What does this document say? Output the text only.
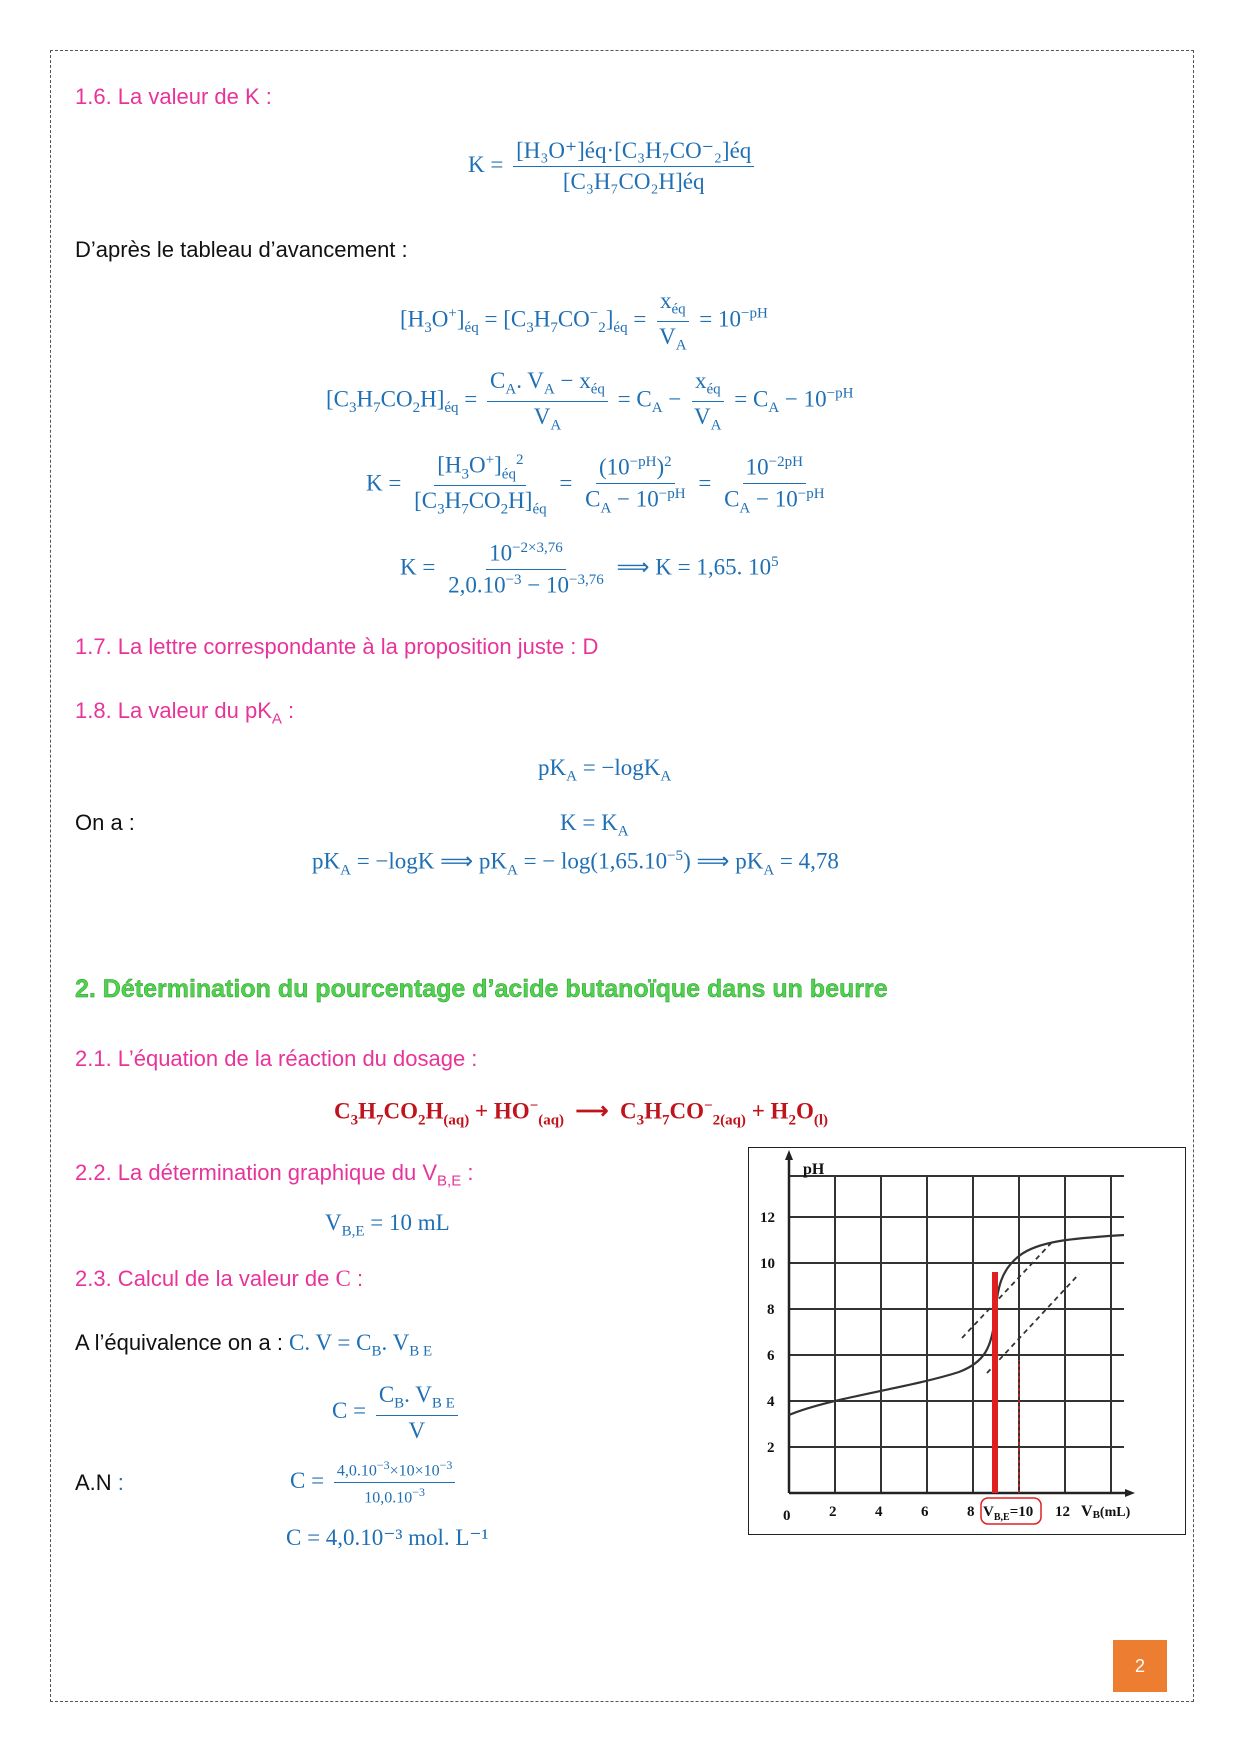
1.6. La valeur de K :
$K = \frac{\text{[H₃O⁺]éq·[C₃H₇CO⁻₂]éq}}{\text{[C₃H₇CO₂H]éq}}$
D’après le tableau d’avancement :
$[H_3O^+]_{éq} = [C_3H_7CO^-_2]_{éq} = \frac{x_{éq}}{V_A} = 10^{-pH}$
$[C_3H_7CO_2H]_{éq} = \frac{C_A. V_A - x_{éq}}{V_A} = C_A - \frac{x_{éq}}{V_A} = C_A - 10^{-pH}$
$K = \frac{[H_3O^+]_{éq}^2}{[C_3H_7CO_2H]_{éq}} = \frac{(10^{-pH})^2}{C_A - 10^{-pH}} = \frac{10^{-2pH}}{C_A - 10^{-pH}}$
$K = \frac{10^{-2\times 3,76}}{2,0.10^{-3} - 10^{-3,76}}$ ⟹ K = 1,65. $10^5$
1.7. La lettre correspondante à la proposition juste : D
1.8. La valeur du $pK_A$ :
$pK_A = -\log K_A$
On a :	$K = K_A$
$pK_A = -\log K$ ⟹ $pK_A$ = − $\log(1,65.10^{-5})$ ⟹ $pK_A = 4,78$
2. Détermination du pourcentage d’acide butanoïque dans un beurre
2.1. L’équation de la réaction du dosage :
$C_3H_7CO_2H_{(aq)} + HO^-_{(aq)}$  ⟶  $C_3H_7CO^-_{2(aq)} + H_2O_{(l)}$
2.2. La détermination graphique du $V_{B,E}$ :
$V_{B,E} = 10$ mL
2.3. Calcul de la valeur de C :
A l’équivalence on a : C. $V = C_B$. $V_{B E}$
$C = \frac{C_B. V_{B E}}{V}$
A.N :	$C = \frac{4,0.10^{-3}\times 10\times 10^{-3}}{10,0.10^{-3}}$
C = 4,0.10⁻³ mol. L⁻¹
2
4
6
8
10
12
pH
0	2	4	6	8	12 VB(mL)
$V_{B,E}=10$
2
